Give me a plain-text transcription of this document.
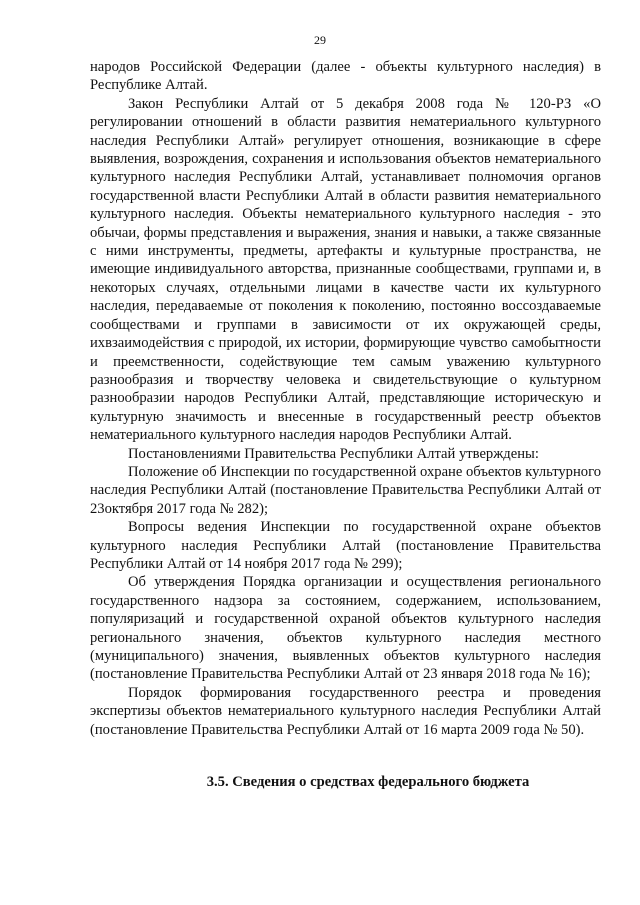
29

народов Российской Федерации (далее - объекты культурного наследия) в Республике Алтай.

Закон Республики Алтай от 5 декабря 2008 года № 120-РЗ «О регулировании отношений в области развития нематериального культурного наследия Республики Алтай» регулирует отношения, возникающие в сфере выявления, возрождения, сохранения и использования объектов нематериального культурного наследия Республики Алтай, устанавливает полномочия органов государственной власти Республики Алтай в области развития нематериального культурного наследия. Объекты нематериального культурного наследия - это обычаи, формы представления и выражения, знания и навыки, а также связанные с ними инструменты, предметы, артефакты и культурные пространства, не имеющие индивидуального авторства, признанные сообществами, группами и, в некоторых случаях, отдельными лицами в качестве части их культурного наследия, передаваемые от поколения к поколению, постоянно воссоздаваемые сообществами и группами в зависимости от их окружающей среды, ихвзаимодействия с природой, их истории, формирующие чувство самобытности и преемственности, содействующие тем самым уважению культурного разнообразия и творчеству человека и свидетельствующие о культурном разнообразии народов Республики Алтай, представляющие историческую и культурную значимость и внесенные в государственный реестр объектов нематериального культурного наследия народов Республики Алтай.

Постановлениями Правительства Республики Алтай утверждены:

Положение об Инспекции по государственной охране объектов культурного наследия Республики Алтай (постановление Правительства Республики Алтай от 23октября 2017 года № 282);

Вопросы ведения Инспекции по государственной охране объектов культурного наследия Республики Алтай (постановление Правительства Республики Алтай от 14 ноября 2017 года № 299);

Об утверждения Порядка организации и осуществления регионального государственного надзора за состоянием, содержанием, использованием, популяризаций и государственной охраной объектов культурного наследия регионального значения, объектов культурного наследия местного (муниципального) значения, выявленных объектов культурного наследия (постановление Правительства Республики Алтай от 23 января 2018 года № 16);

Порядок формирования государственного реестра и проведения экспертизы объектов нематериального культурного наследия Республики Алтай (постановление Правительства Республики Алтай от 16 марта 2009 года № 50).

3.5. Сведения о средствах федерального бюджета
